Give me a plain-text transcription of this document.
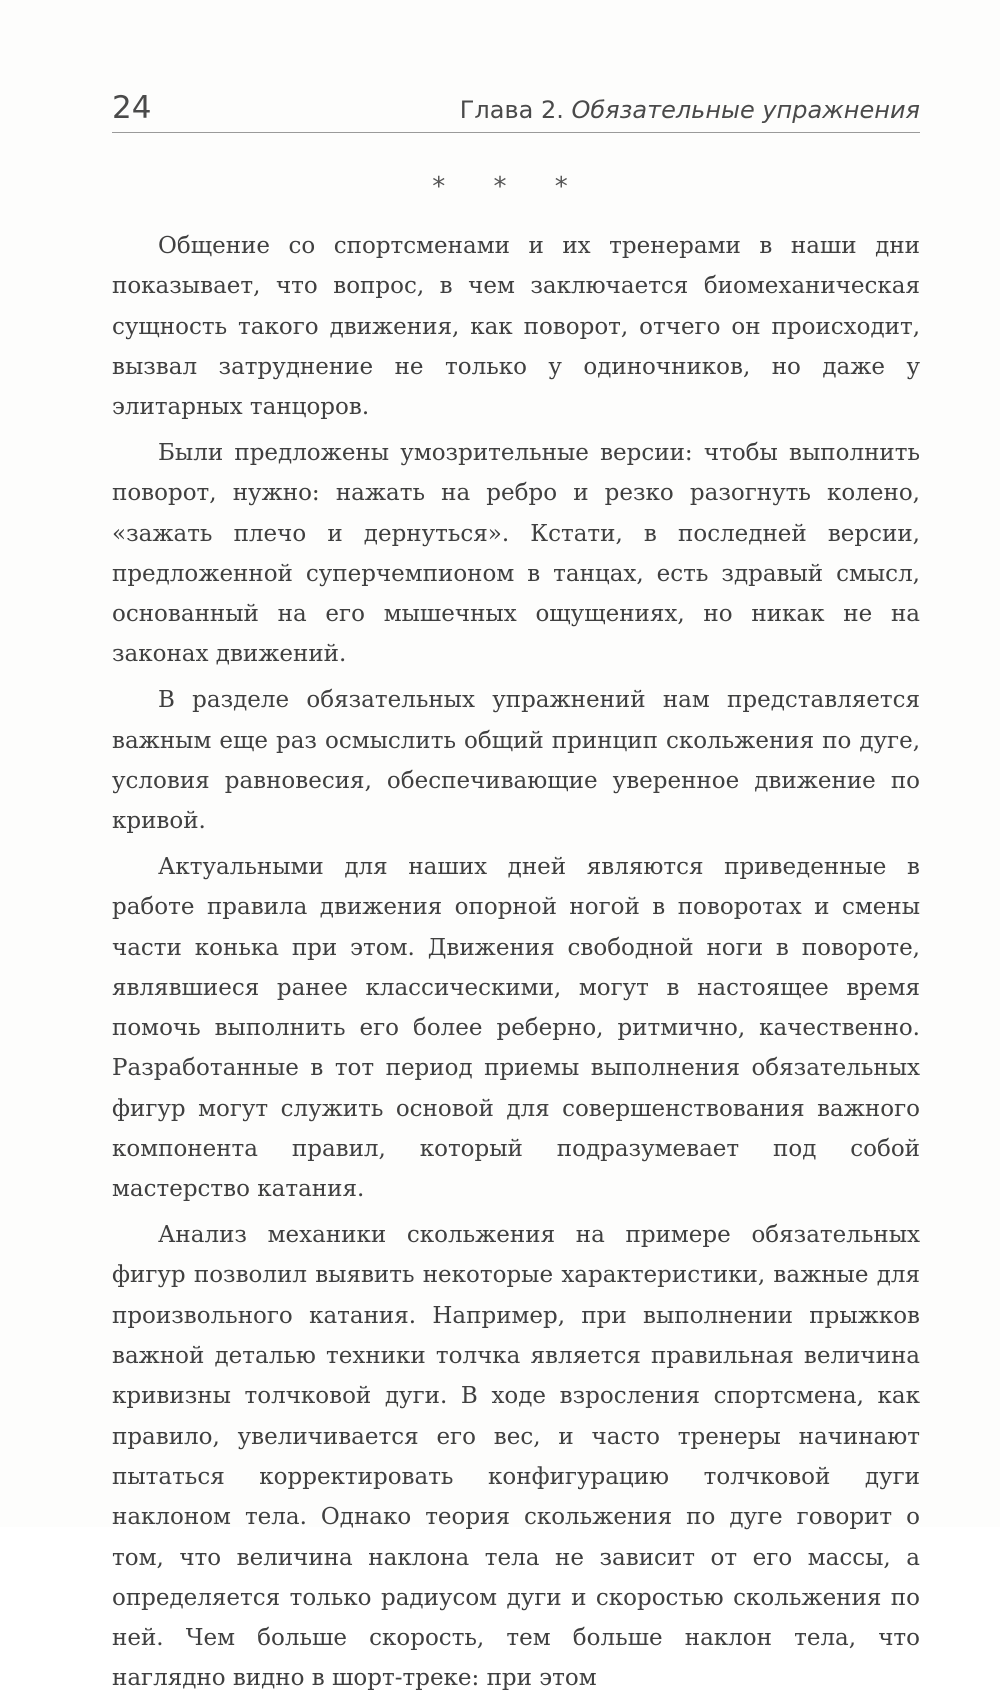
24	Глава 2. Обязательные упражнения
* * *

Общение со спортсменами и их тренерами в наши дни показывает, что вопрос, в чем заключается биомеханическая сущность такого движения, как поворот, отчего он происходит, вызвал затруднение не только у одиночников, но даже у элитарных танцоров.

Были предложены умозрительные версии: чтобы выполнить поворот, нужно: нажать на ребро и резко разогнуть колено, «зажать плечо и дернуться». Кстати, в последней версии, предложенной суперчемпионом в танцах, есть здравый смысл, основанный на его мышечных ощущениях, но никак не на законах движений.

В разделе обязательных упражнений нам представляется важным еще раз осмыслить общий принцип скольжения по дуге, условия равновесия, обеспечивающие уверенное движение по кривой.

Актуальными для наших дней являются приведенные в работе правила движения опорной ногой в поворотах и смены части конька при этом. Движения свободной ноги в повороте, являвшиеся ранее классическими, могут в настоящее время помочь выполнить его более реберно, ритмично, качественно. Разработанные в тот период приемы выполнения обязательных фигур могут служить основой для совершенствования важного компонента правил, который подразумевает под собой мастерство катания.

Анализ механики скольжения на примере обязательных фигур позволил выявить некоторые характеристики, важные для произвольного катания. Например, при выполнении прыжков важной деталью техники толчка является правильная величина кривизны толчковой дуги. В ходе взросления спортсмена, как правило, увеличивается его вес, и часто тренеры начинают пытаться корректировать конфигурацию толчковой дуги наклоном тела. Однако теория скольжения по дуге говорит о том, что величина наклона тела не зависит от его массы, а определяется только радиусом дуги и скоростью скольжения по ней. Чем больше скорость, тем больше наклон тела, что наглядно видно в шорт-треке: при этом
